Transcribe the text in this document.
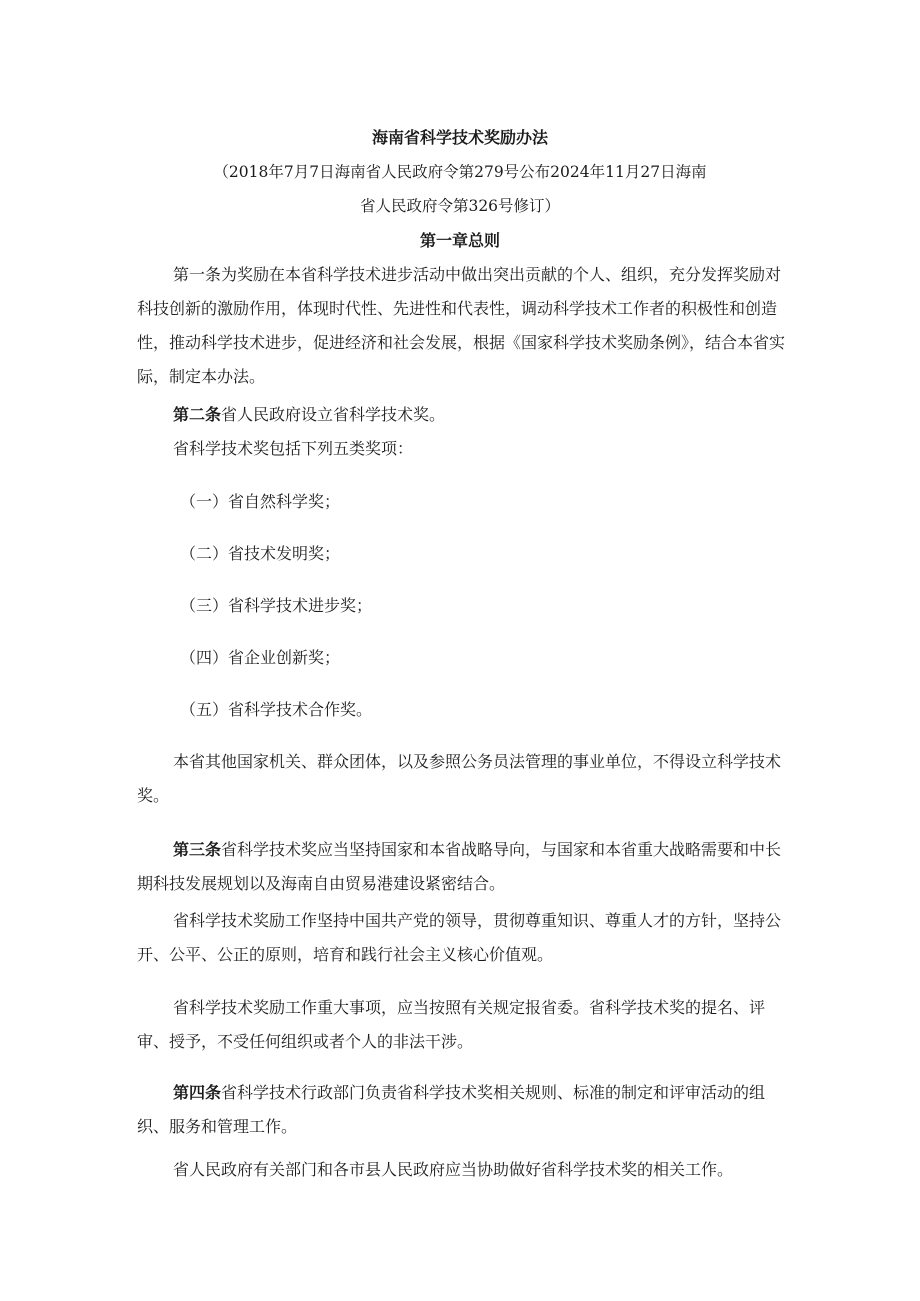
海南省科学技术奖励办法
（2018年7月7日海南省人民政府令第279号公布2024年11月27日海南
省人民政府令第326号修订）
第一章总则

第一条为奖励在本省科学技术进步活动中做出突出贡献的个人、组织，充分发挥奖励对科技创新的激励作用，体现时代性、先进性和代表性，调动科学技术工作者的积极性和创造性，推动科学技术进步，促进经济和社会发展，根据《国家科学技术奖励条例》，结合本省实际，制定本办法。

第二条省人民政府设立省科学技术奖。

省科学技术奖包括下列五类奖项：

（一）省自然科学奖；
（二）省技术发明奖；
（三）省科学技术进步奖；
（四）省企业创新奖；
（五）省科学技术合作奖。

本省其他国家机关、群众团体，以及参照公务员法管理的事业单位，不得设立科学技术奖。

第三条省科学技术奖应当坚持国家和本省战略导向，与国家和本省重大战略需要和中长期科技发展规划以及海南自由贸易港建设紧密结合。

省科学技术奖励工作坚持中国共产党的领导，贯彻尊重知识、尊重人才的方针，坚持公开、公平、公正的原则，培育和践行社会主义核心价值观。

省科学技术奖励工作重大事项，应当按照有关规定报省委。省科学技术奖的提名、评审、授予，不受任何组织或者个人的非法干涉。

第四条省科学技术行政部门负责省科学技术奖相关规则、标准的制定和评审活动的组织、服务和管理工作。

省人民政府有关部门和各市县人民政府应当协助做好省科学技术奖的相关工作。
